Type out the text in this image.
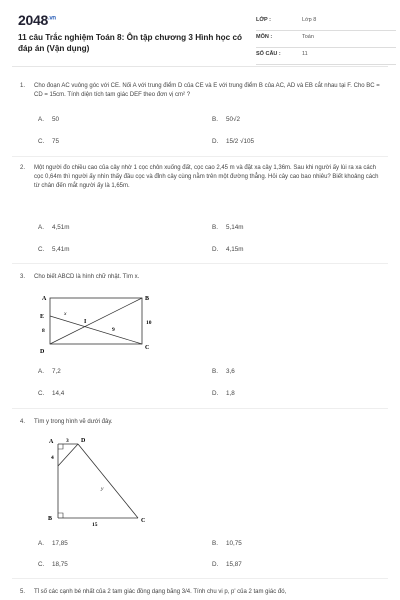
$2048^{.vn}$
11 câu Trắc nghiệm Toán 8: Ôn tập chương 3 Hình học có đáp án (Vận dụng)
LỚP :	Lớp 8
MÔN :	Toán
SỐ CÂU :	11
1. Cho đoạn AC vuông góc với CE. Nối A với trung điểm D của CE và E với trung điểm B của AC, AD và EB cắt nhau tại F. Cho BC = CD = 15cm. Tính diện tích tam giác DEF theo đơn vị cm² ?
A. 50	B. 50√2
C. 75	D. 15/2 √105
2. Một người đo chiều cao của cây nhờ 1 cọc chôn xuống đất, cọc cao 2,45 m và đặt xa cây 1,36m. Sau khi người ấy lùi ra xa cách cọc 0,64m thì người ấy nhìn thấy đầu cọc và đỉnh cây cùng nằm trên một đường thẳng. Hỏi cây cao bao nhiêu? Biết khoảng cách từ chân đến mắt người ấy là 1,65m.
A. 4,51m	B. 5,14m
C. 5,41m	D. 4,15m
3. Cho biết ABCD là hình chữ nhật. Tìm x.
A	B
E	x
I
8	9
10
D
C
A. 7,2	B. 3,6
C. 14,4	D. 1,8
4. Tìm y trong hình vẽ dưới đây.
A 3 D
4
y
B
15
C
A. 17,85	B. 10,75
C. 18,75	D. 15,87
5. Tỉ số các cạnh bé nhất của 2 tam giác đồng dạng bằng 3/4. Tính chu vi p, p' của 2 tam giác đó,
